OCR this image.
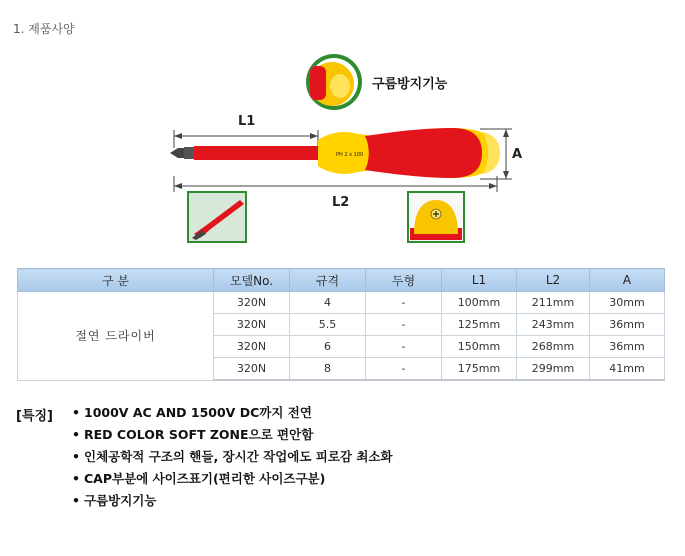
1. 제품사양
구름방지기능
L1
PH 2 x 100	A
L2
구 분	모델No.	규격	두형	L1	L2	A
절연 드라이버	320N	4	-	100mm	211mm	30mm
	320N	5.5	-	125mm	243mm	36mm
	320N	6	-	150mm	268mm	36mm
	320N	8	-	175mm	299mm	41mm
[특징] • 1000V AC AND 1500V DC까지 전연
• RED COLOR SOFT ZONE으로 편안함
• 인체공학적 구조의 핸들, 장시간 작업에도 피로감 최소화
• CAP부분에 사이즈표기(편리한 사이즈구분)
• 구름방지기능
